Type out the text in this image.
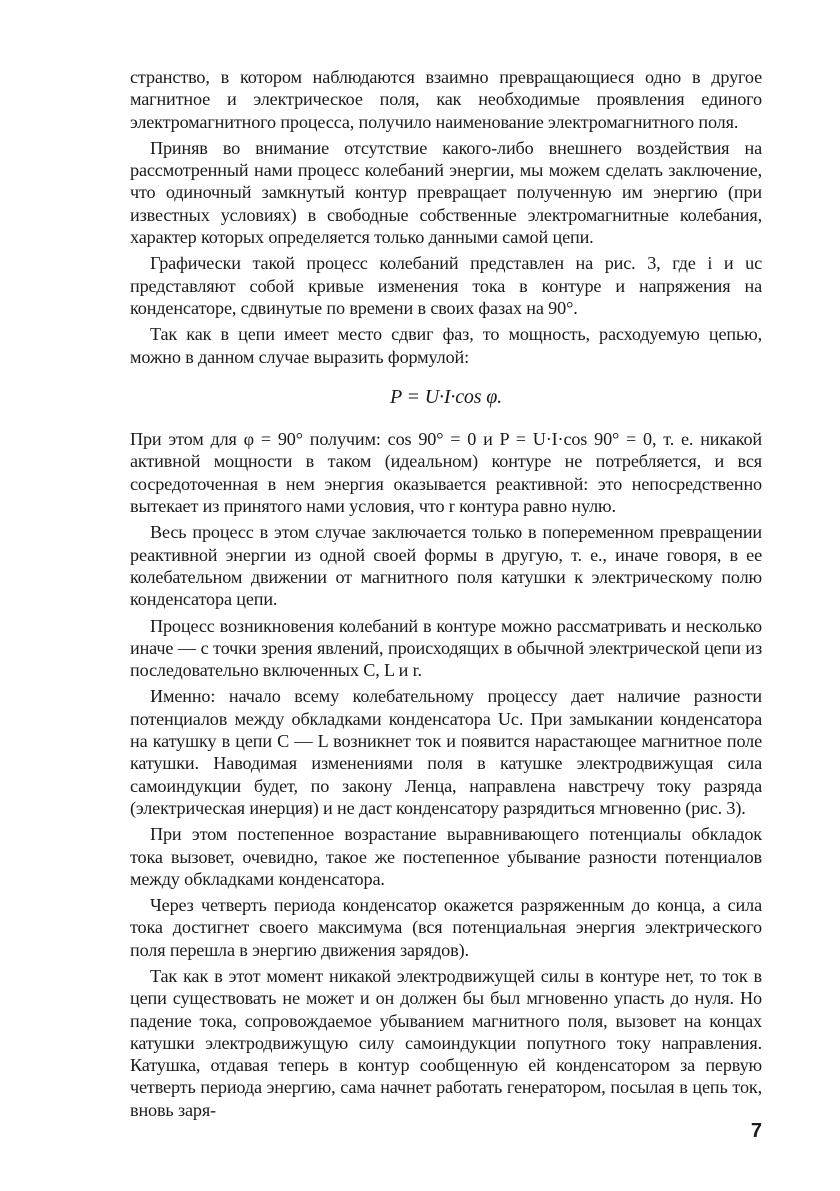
странство, в котором наблюдаются взаимно превращающиеся одно в другое магнитное и электрическое поля, как необходимые проявления единого электромагнитного процесса, получило наименование электромагнитного поля.

Приняв во внимание отсутствие какого-либо внешнего воздействия на рассмотренный нами процесс колебаний энергии, мы можем сделать заключение, что одиночный замкнутый контур превращает полученную им энергию (при известных условиях) в свободные собственные электромагнитные колебания, характер которых определяется только данными самой цепи.

Графически такой процесс колебаний представлен на рис. 3, где i и uc представляют собой кривые изменения тока в контуре и напряжения на конденсаторе, сдвинутые по времени в своих фазах на 90°.

Так как в цепи имеет место сдвиг фаз, то мощность, расходуемую цепью, можно в данном случае выразить формулой:

P = U·I·cos φ.

При этом для φ = 90° получим: cos 90° = 0 и P = U·I·cos 90° = 0, т. е. никакой активной мощности в таком (идеальном) контуре не потребляется, и вся сосредоточенная в нем энергия оказывается реактивной: это непосредственно вытекает из принятого нами условия, что r контура равно нулю.

Весь процесс в этом случае заключается только в попеременном превращении реактивной энергии из одной своей формы в другую, т. е., иначе говоря, в ее колебательном движении от магнитного поля катушки к электрическому полю конденсатора цепи.

Процесс возникновения колебаний в контуре можно рассматривать и несколько иначе — с точки зрения явлений, происходящих в обычной электрической цепи из последовательно включенных C, L и r.

Именно: начало всему колебательному процессу дает наличие разности потенциалов между обкладками конденсатора Uc. При замыкании конденсатора на катушку в цепи C — L возникнет ток и появится нарастающее магнитное поле катушки. Наводимая изменениями поля в катушке электродвижущая сила самоиндукции будет, по закону Ленца, направлена навстречу току разряда (электрическая инерция) и не даст конденсатору разрядиться мгновенно (рис. 3).

При этом постепенное возрастание выравнивающего потенциалы обкладок тока вызовет, очевидно, такое же постепенное убывание разности потенциалов между обкладками конденсатора.

Через четверть периода конденсатор окажется разряженным до конца, а сила тока достигнет своего максимума (вся потенциальная энергия электрического поля перешла в энергию движения зарядов).

Так как в этот момент никакой электродвижущей силы в контуре нет, то ток в цепи существовать не может и он должен бы был мгновенно упасть до нуля. Но падение тока, сопровождаемое убыванием магнитного поля, вызовет на концах катушки электродвижущую силу самоиндукции попутного току направления. Катушка, отдавая теперь в контур сообщенную ей конденсатором за первую четверть периода энергию, сама начнет работать генератором, посылая в цепь ток, вновь заря-

7
